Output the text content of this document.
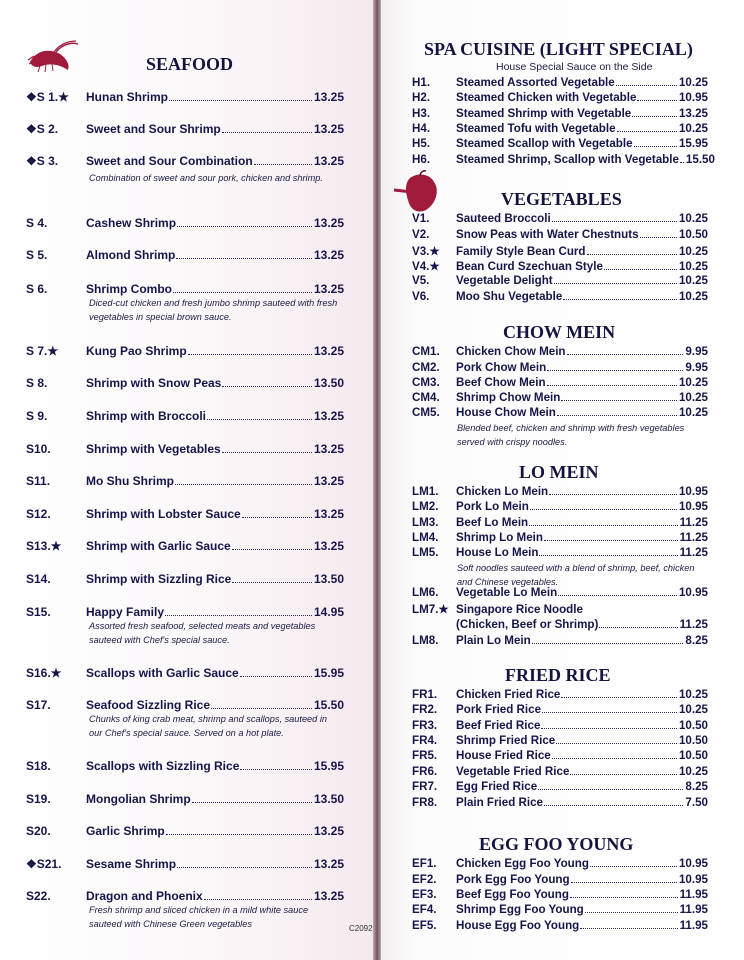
SEAFOOD
❖S 1.★	Hunan Shrimp	13.25
❖S 2.	Sweet and Sour Shrimp	13.25
❖S 3.	Sweet and Sour Combination	13.25
Combination of sweet and sour pork, chicken and shrimp.
S 4.	Cashew Shrimp	13.25
S 5.	Almond Shrimp	13.25
S 6.	Shrimp Combo	13.25
Diced-cut chicken and fresh jumbo shrimp sauteed with fresh vegetables in special brown sauce.
S 7.★	Kung Pao Shrimp	13.25
S 8.	Shrimp with Snow Peas	13.50
S 9.	Shrimp with Broccoli	13.25
S10.	Shrimp with Vegetables	13.25
S11.	Mo Shu Shrimp	13.25
S12.	Shrimp with Lobster Sauce	13.25
S13.★	Shrimp with Garlic Sauce	13.25
S14.	Shrimp with Sizzling Rice	13.50
S15.	Happy Family	14.95
Assorted fresh seafood, selected meats and vegetables sauteed with Chef's special sauce.
S16.★	Scallops with Garlic Sauce	15.95
S17.	Seafood Sizzling Rice	15.50
Chunks of king crab meat, shrimp and scallops, sauteed in our Chef's special sauce. Served on a hot plate.
S18.	Scallops with Sizzling Rice	15.95
S19.	Mongolian Shrimp	13.50
S20.	Garlic Shrimp	13.25
❖S21.	Sesame Shrimp	13.25
S22.	Dragon and Phoenix	13.25
Fresh shrimp and sliced chicken in a mild white sauce sauteed with Chinese Green vegetables	C2092
SPA CUISINE (LIGHT SPECIAL)
House Special Sauce on the Side
H1.	Steamed Assorted Vegetable	10.25
H2.	Steamed Chicken with Vegetable	10.95
H3.	Steamed Shrimp with Vegetable	13.25
H4.	Steamed Tofu with Vegetable	10.25
H5.	Steamed Scallop with Vegetable	15.95
H6.	Steamed Shrimp, Scallop with Vegetable 15.50
VEGETABLES
V1.	Sauteed Broccoli	10.25
V2.	Snow Peas with Water Chestnuts	10.50
V3.★	Family Style Bean Curd	10.25
V4.★	Bean Curd Szechuan Style	10.25
V5.	Vegetable Delight	10.25
V6.	Moo Shu Vegetable	10.25
CHOW MEIN
CM1.	Chicken Chow Mein	9.95
CM2.	Pork Chow Mein	9.95
CM3.	Beef Chow Mein	10.25
CM4.	Shrimp Chow Mein	10.25
CM5.	House Chow Mein	10.25
Blended beef, chicken and shrimp with fresh vegetables served with crispy noodles.
LO MEIN
LM1.	Chicken Lo Mein	10.95
LM2.	Pork Lo Mein	10.95
LM3.	Beef Lo Mein	11.25
LM4.	Shrimp Lo Mein	11.25
LM5.	House Lo Mein	11.25
Soft noodles sauteed with a blend of shrimp, beef, chicken and Chinese vegetables.
LM6.	Vegetable Lo Mein	10.95
LM7.★ Singapore Rice Noodle
(Chicken, Beef or Shrimp)	11.25
LM8.	Plain Lo Mein	8.25
FRIED RICE
FR1.	Chicken Fried Rice	10.25
FR2.	Pork Fried Rice	10.25
FR3.	Beef Fried Rice	10.50
FR4.	Shrimp Fried Rice	10.50
FR5.	House Fried Rice	10.50
FR6.	Vegetable Fried Rice	10.25
FR7.	Egg Fried Rice	8.25
FR8.	Plain Fried Rice	7.50
EGG FOO YOUNG
EF1.	Chicken Egg Foo Young	10.95
EF2.	Pork Egg Foo Young	10.95
EF3.	Beef Egg Foo Young	11.95
EF4.	Shrimp Egg Foo Young	11.95
EF5.	House Egg Foo Young	11.95
